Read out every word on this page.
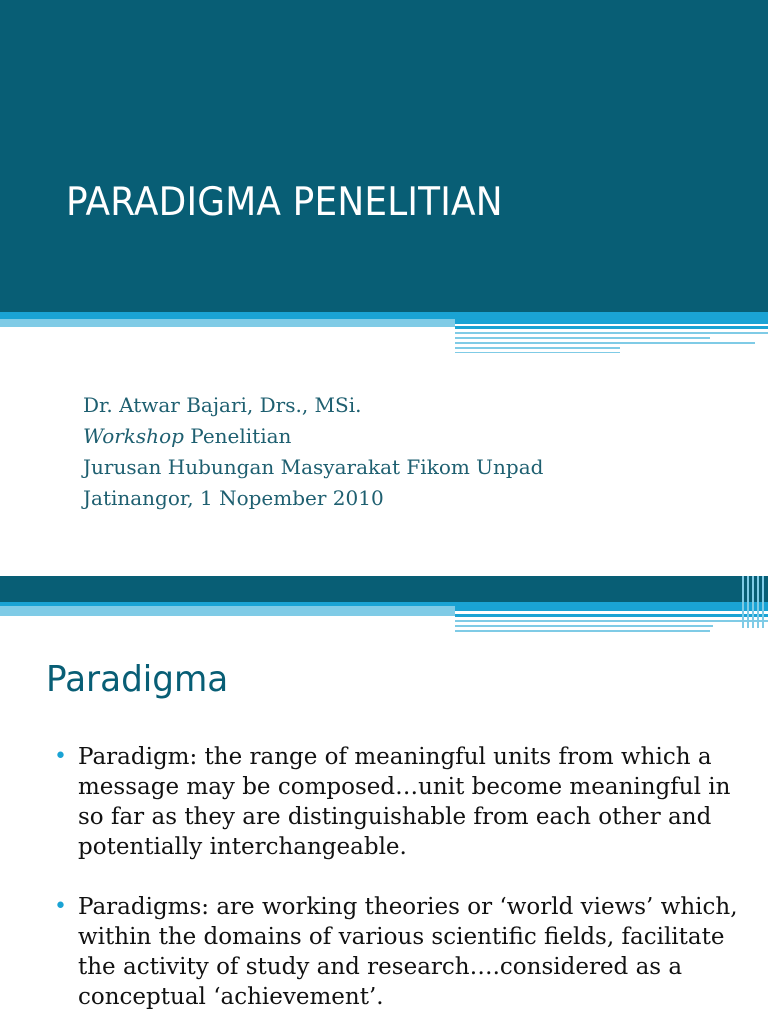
PARADIGMA PENELITIAN
Dr. Atwar Bajari, Drs., MSi.
Workshop Penelitian
Jurusan Hubungan Masyarakat Fikom Unpad
Jatinangor, 1 Nopember 2010
Paradigma
• Paradigm: the range of meaningful units from which a message may be composed…unit become meaningful in so far as they are distinguishable from each other and potentially interchangeable.
• Paradigms: are working theories or ‘world views’ which, within the domains of various scientific fields, facilitate the activity of study and research….considered as a conceptual ‘achievement’.
